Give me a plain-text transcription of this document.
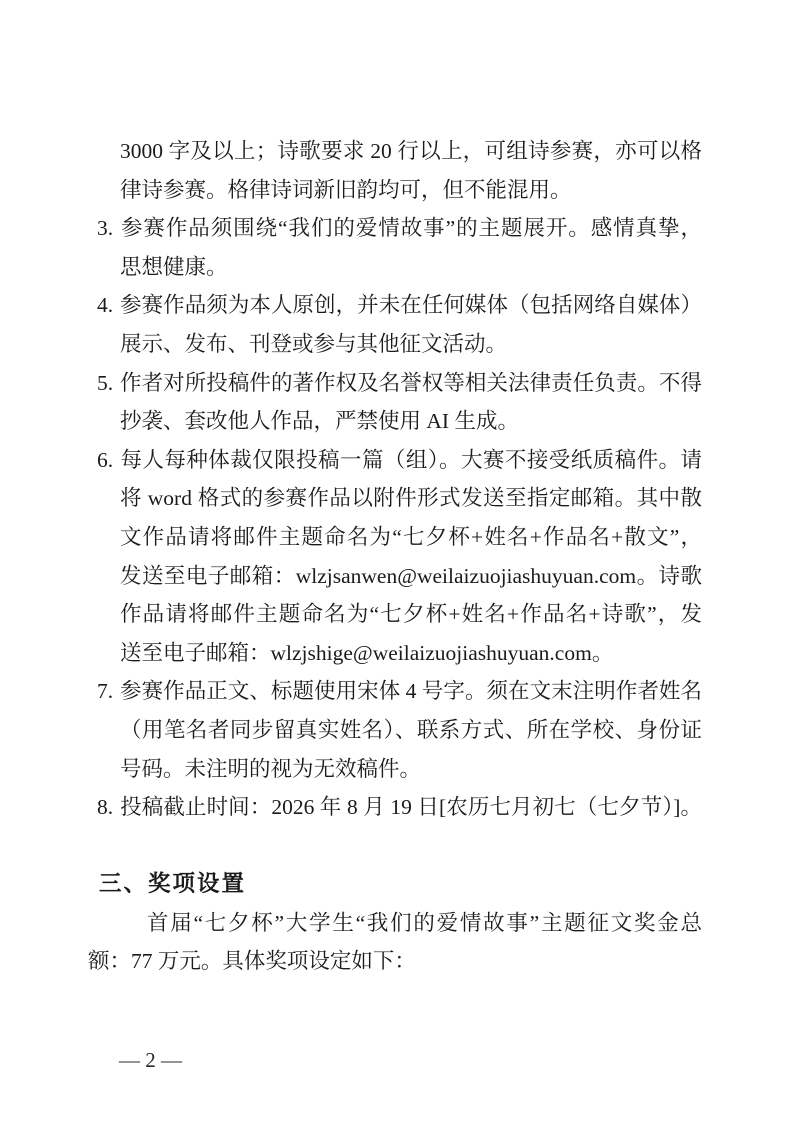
3000 字及以上；诗歌要求 20 行以上，可组诗参赛，亦可以格
律诗参赛。格律诗词新旧韵均可，但不能混用。
3. 参赛作品须围绕“我们的爱情故事”的主题展开。感情真挚，
思想健康。
4. 参赛作品须为本人原创，并未在任何媒体（包括网络自媒体）
展示、发布、刊登或参与其他征文活动。
5. 作者对所投稿件的著作权及名誉权等相关法律责任负责。不得
抄袭、套改他人作品，严禁使用 AI 生成。
6. 每人每种体裁仅限投稿一篇（组）。大赛不接受纸质稿件。请
将 word 格式的参赛作品以附件形式发送至指定邮箱。其中散
文作品请将邮件主题命名为“七夕杯+姓名+作品名+散文”，
发送至电子邮箱：wlzjsanwen@weilaizuojiashuyuan.com。诗歌
作品请将邮件主题命名为“七夕杯+姓名+作品名+诗歌”，发
送至电子邮箱：wlzjshige@weilaizuojiashuyuan.com。
7. 参赛作品正文、标题使用宋体 4 号字。须在文末注明作者姓名
（用笔名者同步留真实姓名）、联系方式、所在学校、身份证
号码。未注明的视为无效稿件。
8. 投稿截止时间：2026 年 8 月 19 日[农历七月初七（七夕节）]。
三、奖项设置
首届“七夕杯”大学生“我们的爱情故事”主题征文奖金总
额：77 万元。具体奖项设定如下：
— 2 —
